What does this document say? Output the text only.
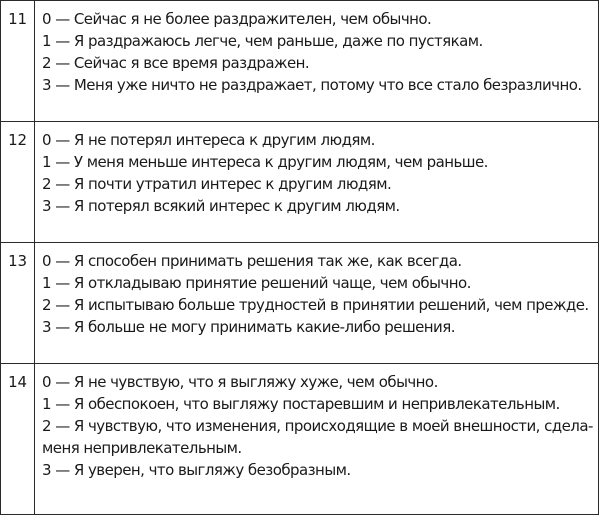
11	0 — Сейчас я не более раздражителен, чем обычно.
1 — Я раздражаюсь легче, чем раньше, даже по пустякам.
2 — Сейчас я все время раздражен.
3 — Меня уже ничто не раздражает, потому что все стало безразлично.

12	0 — Я не потерял интереса к другим людям.
1 — У меня меньше интереса к другим людям, чем раньше.
2 — Я почти утратил интерес к другим людям.
3 — Я потерял всякий интерес к другим людям.

13	0 — Я способен принимать решения так же, как всегда.
1 — Я откладываю принятие решений чаще, чем обычно.
2 — Я испытываю больше трудностей в принятии решений, чем прежде.
3 — Я больше не могу принимать какие-либо решения.

14	0 — Я не чувствую, что я выгляжу хуже, чем обычно.
1 — Я обеспокоен, что выгляжу постаревшим и непривлекательным.
2 — Я чувствую, что изменения, происходящие в моей внешности, сдела-
меня непривлекательным.
3 — Я уверен, что выгляжу безобразным.
